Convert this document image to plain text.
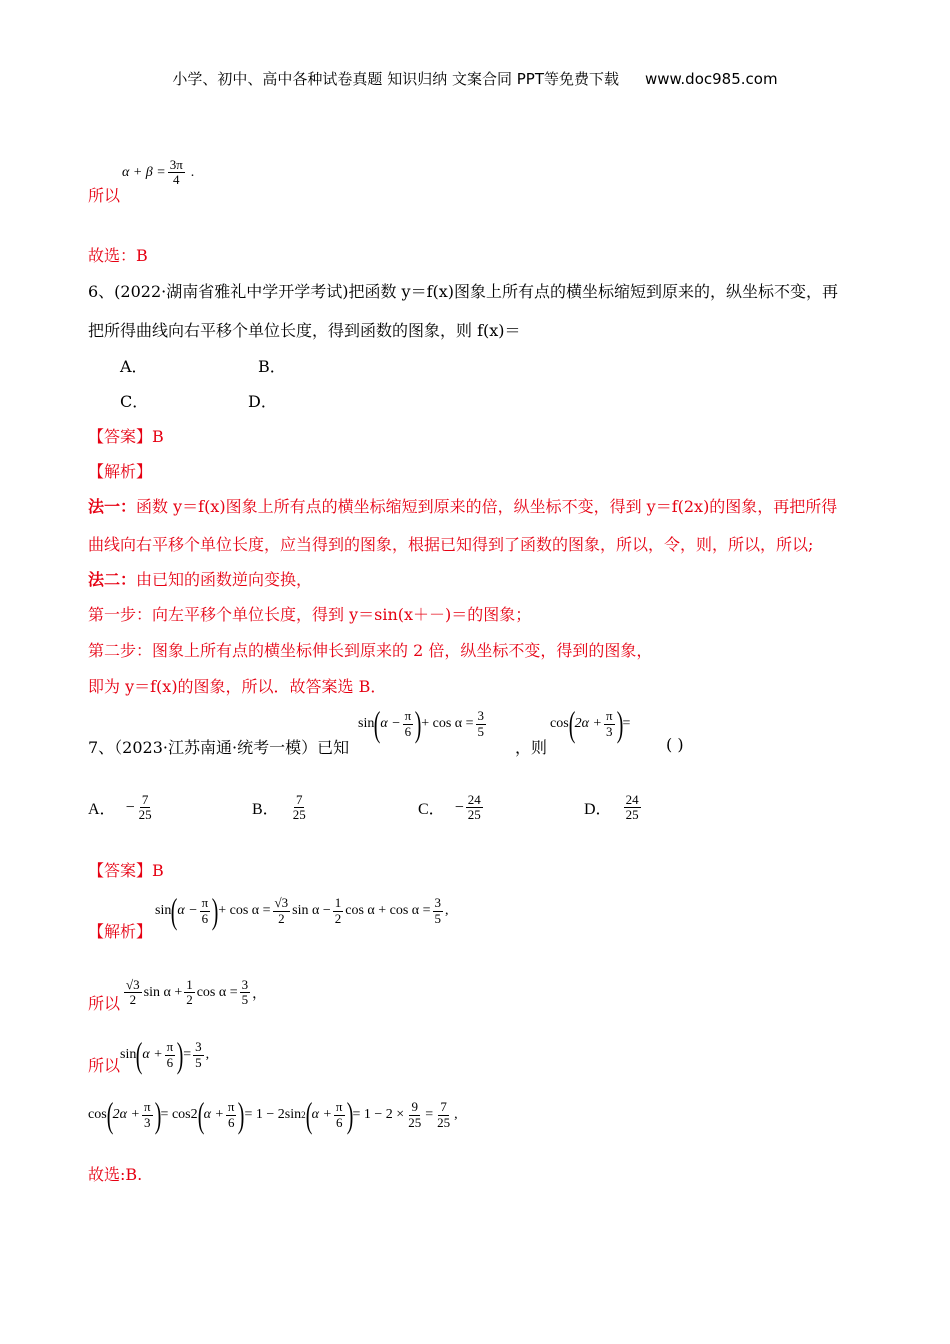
小学、初中、高中各种试卷真题 知识归纳 文案合同 PPT等免费下载 www.doc985.com
所以
$\alpha + \beta = \frac{3\pi}{4}$ .
故选：B
6、(2022·湖南省雅礼中学开学考试)把函数 y＝f(x)图象上所有点的横坐标缩短到原来的，纵坐标不变，再
把所得曲线向右平移个单位长度，得到函数的图象，则 f(x)＝
A．	B．
C．	D．
【答案】B
【解析】
法一：函数 y＝f(x)图象上所有点的横坐标缩短到原来的倍，纵坐标不变，得到 y＝f(2x)的图象，再把所得
曲线向右平移个单位长度，应当得到的图象，根据已知得到了函数的图象，所以，令，则，所以，所以;
法二：由已知的函数逆向变换，
第一步：向左平移个单位长度，得到 y＝sin(x＋－)＝的图象；
第二步：图象上所有点的横坐标伸长到原来的 2 倍，纵坐标不变，得到的图象，
即为 y＝f(x)的图象，所以．故答案选 B．
7、（2023·江苏南通·统考一模）已知
sin ( $\alpha - \frac{\pi}{6}$ ) + $\cos \alpha = \frac{3}{5}$
，则
cos ( $2\alpha + \frac{\pi}{3}$ ) =
( )
A． − $\frac{7}{25}$	B． $\frac{7}{25}$	C． − $\frac{24}{25}$	D． $\frac{24}{25}$
【答案】B
【解析】
sin ( $\alpha - \frac{\pi}{6}$ ) + $\cos \alpha = \frac{√3}{2}$ $\sin \alpha - \frac{1}{2}$ $\cos \alpha + \cos \alpha = \frac{3}{5}$ ,
所以 $\frac{√3}{2}$ $\sin \alpha + \frac{1}{2}$ $\cos \alpha = \frac{3}{5}$ ，
所以
sin ( $\alpha + \frac{\pi}{6}$ ) = $\frac{3}{5}$ ,
cos ( $2\alpha + \frac{\pi}{3}$ ) = cos2 ( $\alpha + \frac{\pi}{6}$ ) = 1 − 2sin 2 ( $\alpha + \frac{\pi}{6}$ ) = $1 - 2 \times \frac{9}{25} = \frac{7}{25}$ ,
故选:B.
